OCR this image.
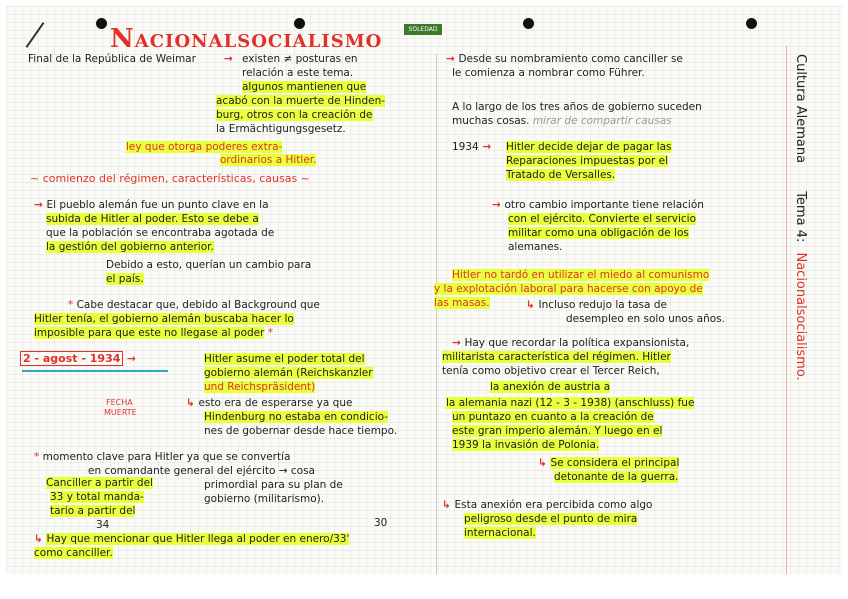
Nacionalsocialismo	SOLEDAD
Final de la República de Weimar	→ existen ≠ posturas en
relación a este tema.
algunos mantienen que
acabó con la muerte de Hinden-
burg, otros con la creación de
la Ermächtigungsgesetz.
ley que otorga poderes extra-
ordinarios a Hitler.
~ comienzo del régimen, características, causas ~
→ El pueblo alemán fue un punto clave en la
subida de Hitler al poder. Esto se debe a
que la población se encontraba agotada de
la gestión del gobierno anterior.
Debido a esto, querían un cambio para
el país.
* Cabe destacar que, debido al Background que
Hitler tenía, el gobierno alemán buscaba hacer lo
imposible para que este no llegase al poder *
2 - agost - 1934 →	Hitler asume el poder total del
gobierno alemán (Reichskanzler
und Reichspräsident)
FECHA
MUERTE
↳ esto era de esperarse ya que
Hindenburg no estaba en condicio-
nes de gobernar desde hace tiempo.
* momento clave para Hitler ya que se convertía
en comandante general del ejército → cosa
primordial para su plan de
gobierno (militarismo).
Canciller a partir del
33 y total manda-
tario a partir del
34	30
↳ Hay que mencionar que Hitler llega al poder en enero/33'
como canciller.
→ Desde su nombramiento como canciller se
le comienza a nombrar como Führer.
A lo largo de los tres años de gobierno suceden
muchas cosas. mirar de compartir causas
1934 → Hitler decide dejar de pagar las
Reparaciones impuestas por el
Tratado de Versalles.
→ otro cambio importante tiene relación
con el ejército. Convierte el servicio
militar como una obligación de los
alemanes.
Hitler no tardó en utilizar el miedo al comunismo
y la explotación laboral para hacerse con apoyo de
las masas.	↳ Incluso redujo la tasa de
desempleo en solo unos años.
→ Hay que recordar la política expansionista,
militarista característica del régimen. Hitler
tenía como objetivo crear el Tercer Reich,
la anexión de austria a
la alemania nazi (12 - 3 - 1938) (anschluss) fue
un puntazo en cuanto a la creación de
este gran imperio alemán. Y luego en el
1939 la invasión de Polonia.
↳ Se considera el principal
detonante de la guerra.
↳ Esta anexión era percibida como algo
peligroso desde el punto de mira
internacional.
Cultura Alemana Tema 4: Nacionalsocialismo.
